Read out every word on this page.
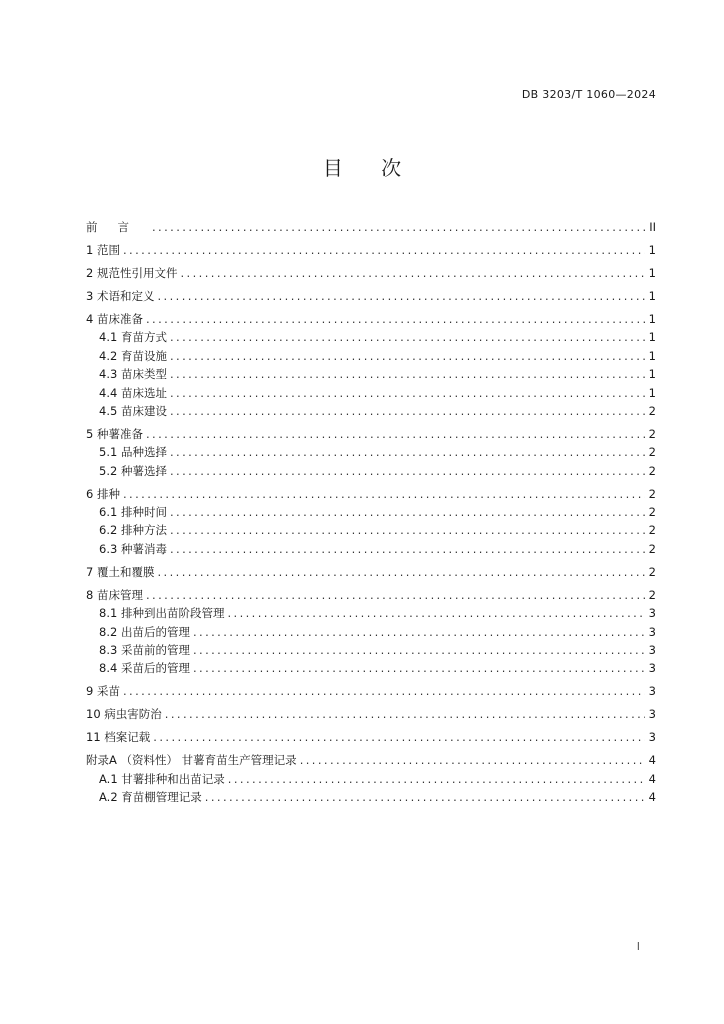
DB 3203/T 1060—2024
目 次
前言 .....	II
1 范围 .....	1
2 规范性引用文件 .....	1
3 术语和定义 .....	1
4 苗床准备 .....	1
4.1 育苗方式 .....	1
4.2 育苗设施 .....	1
4.3 苗床类型 .....	1
4.4 苗床选址 .....	1
4.5 苗床建设 .....	2
5 种薯准备 .....	2
5.1 品种选择 .....	2
5.2 种薯选择 .....	2
6 排种 .....	2
6.1 排种时间 .....	2
6.2 排种方法 .....	2
6.3 种薯消毒 .....	2
7 覆土和覆膜 .....	2
8 苗床管理 .....	2
8.1 排种到出苗阶段管理 .....	3
8.2 出苗后的管理 .....	3
8.3 采苗前的管理 .....	3
8.4 采苗后的管理 .....	3
9 采苗 .....	3
10 病虫害防治 .....	3
11 档案记载 .....	3
附录A （资料性） 甘薯育苗生产管理记录 .....	4
A.1 甘薯排种和出苗记录 .....	4
A.2 育苗棚管理记录 .....	4
I
